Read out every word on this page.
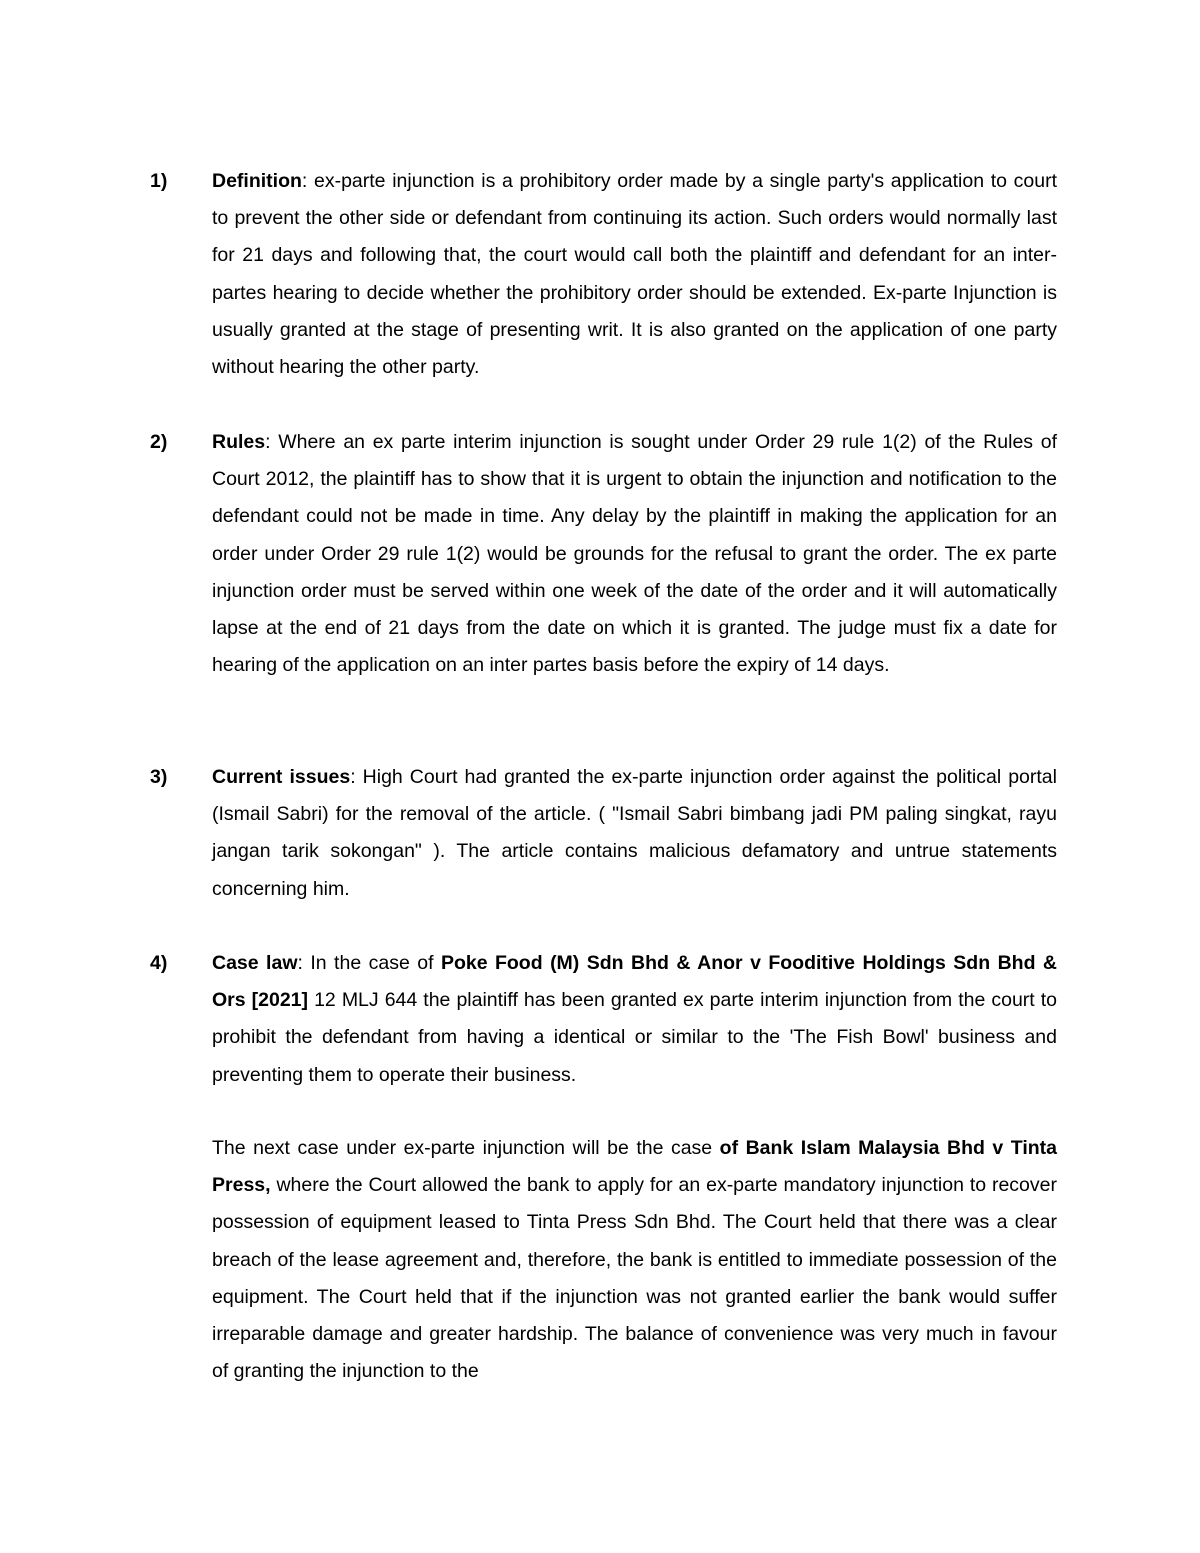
1)	Definition: ex-parte injunction is a prohibitory order made by a single party's application to court to prevent the other side or defendant from continuing its action. Such orders would normally last for 21 days and following that, the court would call both the plaintiff and defendant for an inter-partes hearing to decide whether the prohibitory order should be extended. Ex-parte Injunction is usually granted at the stage of presenting writ. It is also granted on the application of one party without hearing the other party.
2)	Rules: Where an ex parte interim injunction is sought under Order 29 rule 1(2) of the Rules of Court 2012, the plaintiff has to show that it is urgent to obtain the injunction and notification to the defendant could not be made in time. Any delay by the plaintiff in making the application for an order under Order 29 rule 1(2) would be grounds for the refusal to grant the order. The ex parte injunction order must be served within one week of the date of the order and it will automatically lapse at the end of 21 days from the date on which it is granted. The judge must fix a date for hearing of the application on an inter partes basis before the expiry of 14 days.
3)	Current issues: High Court had granted the ex-parte injunction order against the political portal (Ismail Sabri) for the removal of the article. ( "Ismail Sabri bimbang jadi PM paling singkat, rayu jangan tarik sokongan" ). The article contains malicious defamatory and untrue statements concerning him.
4)	Case law: In the case of Poke Food (M) Sdn Bhd & Anor v Fooditive Holdings Sdn Bhd & Ors [2021] 12 MLJ 644 the plaintiff has been granted ex parte interim injunction from the court to prohibit the defendant from having a identical or similar to the 'The Fish Bowl' business and preventing them to operate their business.
The next case under ex-parte injunction will be the case of Bank Islam Malaysia Bhd v Tinta Press, where the Court allowed the bank to apply for an ex-parte mandatory injunction to recover possession of equipment leased to Tinta Press Sdn Bhd. The Court held that there was a clear breach of the lease agreement and, therefore, the bank is entitled to immediate possession of the equipment. The Court held that if the injunction was not granted earlier the bank would suffer irreparable damage and greater hardship. The balance of convenience was very much in favour of granting the injunction to the
